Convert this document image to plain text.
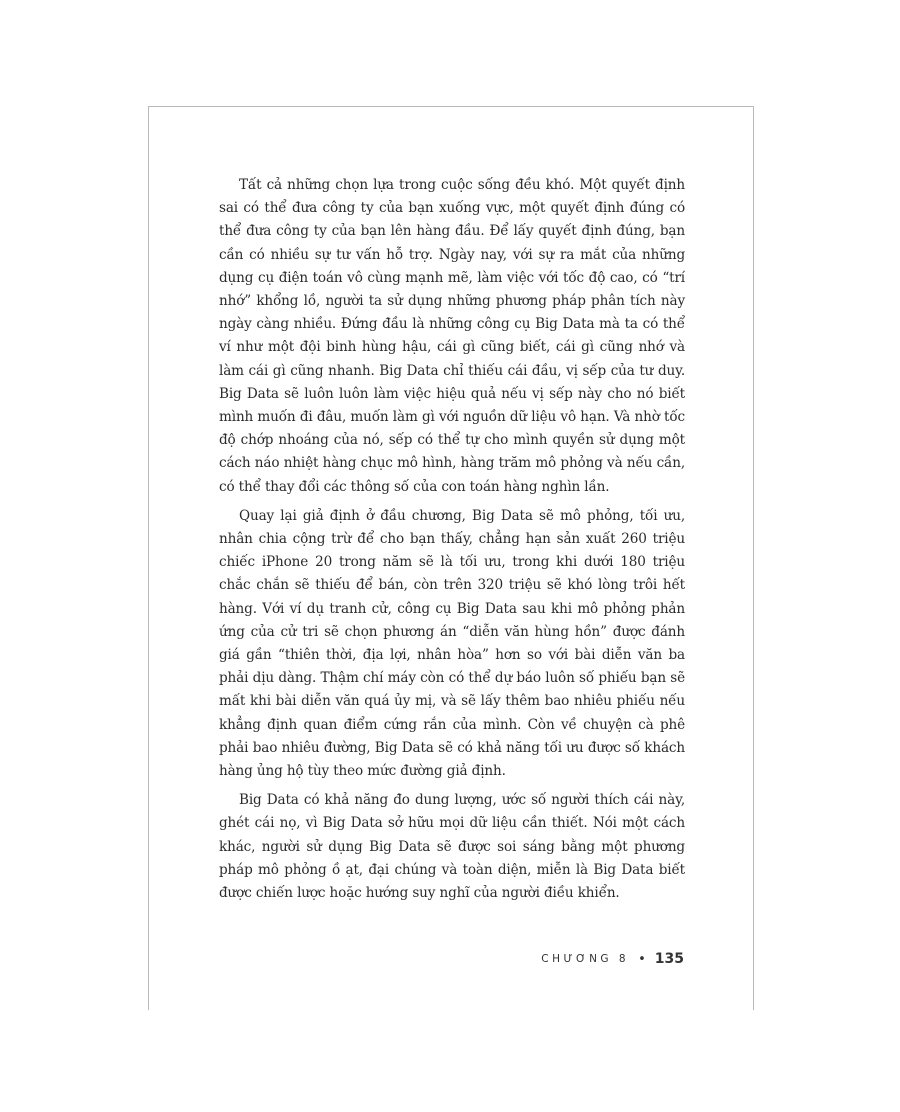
Tất cả những chọn lựa trong cuộc sống đều khó. Một quyết định sai có thể đưa công ty của bạn xuống vực, một quyết định đúng có thể đưa công ty của bạn lên hàng đầu. Để lấy quyết định đúng, bạn cần có nhiều sự tư vấn hỗ trợ. Ngày nay, với sự ra mắt của những dụng cụ điện toán vô cùng mạnh mẽ, làm việc với tốc độ cao, có “trí nhớ” khổng lồ, người ta sử dụng những phương pháp phân tích này ngày càng nhiều. Đứng đầu là những công cụ Big Data mà ta có thể ví như một đội binh hùng hậu, cái gì cũng biết, cái gì cũng nhớ và làm cái gì cũng nhanh. Big Data chỉ thiếu cái đầu, vị sếp của tư duy. Big Data sẽ luôn luôn làm việc hiệu quả nếu vị sếp này cho nó biết mình muốn đi đâu, muốn làm gì với nguồn dữ liệu vô hạn. Và nhờ tốc độ chớp nhoáng của nó, sếp có thể tự cho mình quyền sử dụng một cách náo nhiệt hàng chục mô hình, hàng trăm mô phỏng và nếu cần, có thể thay đổi các thông số của con toán hàng nghìn lần.

Quay lại giả định ở đầu chương, Big Data sẽ mô phỏng, tối ưu, nhân chia cộng trừ để cho bạn thấy, chẳng hạn sản xuất 260 triệu chiếc iPhone 20 trong năm sẽ là tối ưu, trong khi dưới 180 triệu chắc chắn sẽ thiếu để bán, còn trên 320 triệu sẽ khó lòng trôi hết hàng. Với ví dụ tranh cử, công cụ Big Data sau khi mô phỏng phản ứng của cử tri sẽ chọn phương án “diễn văn hùng hồn” được đánh giá gần “thiên thời, địa lợi, nhân hòa” hơn so với bài diễn văn ba phải dịu dàng. Thậm chí máy còn có thể dự báo luôn số phiếu bạn sẽ mất khi bài diễn văn quá ủy mị, và sẽ lấy thêm bao nhiêu phiếu nếu khẳng định quan điểm cứng rắn của mình. Còn về chuyện cà phê phải bao nhiêu đường, Big Data sẽ có khả năng tối ưu được số khách hàng ủng hộ tùy theo mức đường giả định.

Big Data có khả năng đo dung lượng, ước số người thích cái này, ghét cái nọ, vì Big Data sở hữu mọi dữ liệu cần thiết. Nói một cách khác, người sử dụng Big Data sẽ được soi sáng bằng một phương pháp mô phỏng ồ ạt, đại chúng và toàn diện, miễn là Big Data biết được chiến lược hoặc hướng suy nghĩ của người điều khiển.

CHƯƠNG 8 • 135
